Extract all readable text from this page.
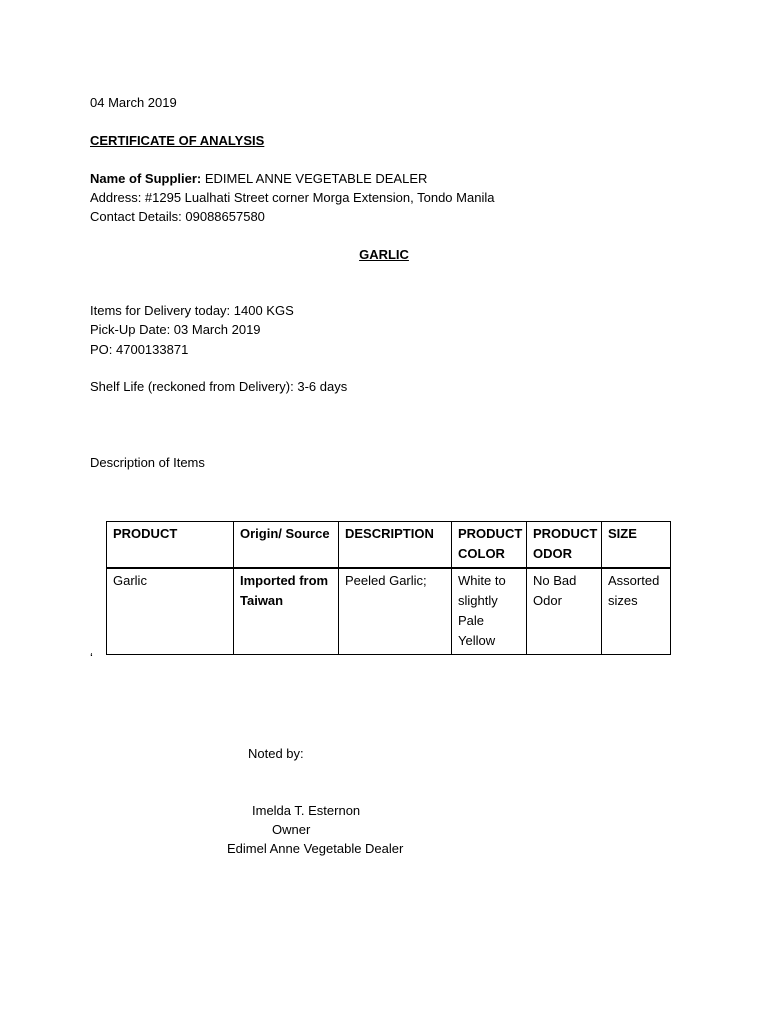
04 March 2019
CERTIFICATE OF ANALYSIS
Name of Supplier: EDIMEL ANNE VEGETABLE DEALER
Address: #1295 Lualhati Street corner Morga Extension, Tondo Manila
Contact Details: 09088657580
GARLIC
Items for Delivery today: 1400 KGS
Pick-Up Date: 03 March 2019
PO: 4700133871
Shelf Life (reckoned from Delivery): 3-6 days
Description of Items
PRODUCT	Origin/ Source	DESCRIPTION	PRODUCT COLOR	PRODUCT ODOR	SIZE
Garlic	Imported from Taiwan	Peeled Garlic;	White to slightly Pale Yellow	No Bad Odor	Assorted sizes
‘
Noted by:
Imelda T. Esternon
Owner
Edimel Anne Vegetable Dealer
